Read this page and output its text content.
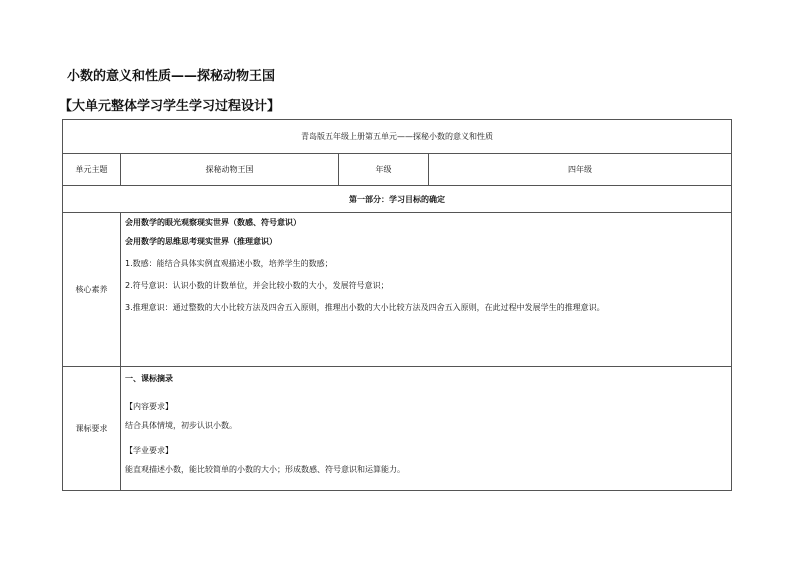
小数的意义和性质——探秘动物王国
【大单元整体学习学生学习过程设计】
青岛版五年级上册第五单元——探秘小数的意义和性质			
单元主题	探秘动物王国	年级	四年级
第一部分：学习目标的确定			
核心素养	会用数学的眼光观察现实世界（数感、符号意识）
会用数学的思维思考现实世界（推理意识）
1.数感：能结合具体实例直观描述小数，培养学生的数感；
2.符号意识：认识小数的计数单位，并会比较小数的大小，发展符号意识；
3.推理意识：通过整数的大小比较方法及四舍五入原则，推理出小数的大小比较方法及四舍五入原则，在此过程中发展学生的推理意识。		

课标要求	一、课标摘录
【内容要求】
结合具体情境，初步认识小数。
【学业要求】
能直观描述小数，能比较简单的小数的大小；形成数感、符号意识和运算能力。		
